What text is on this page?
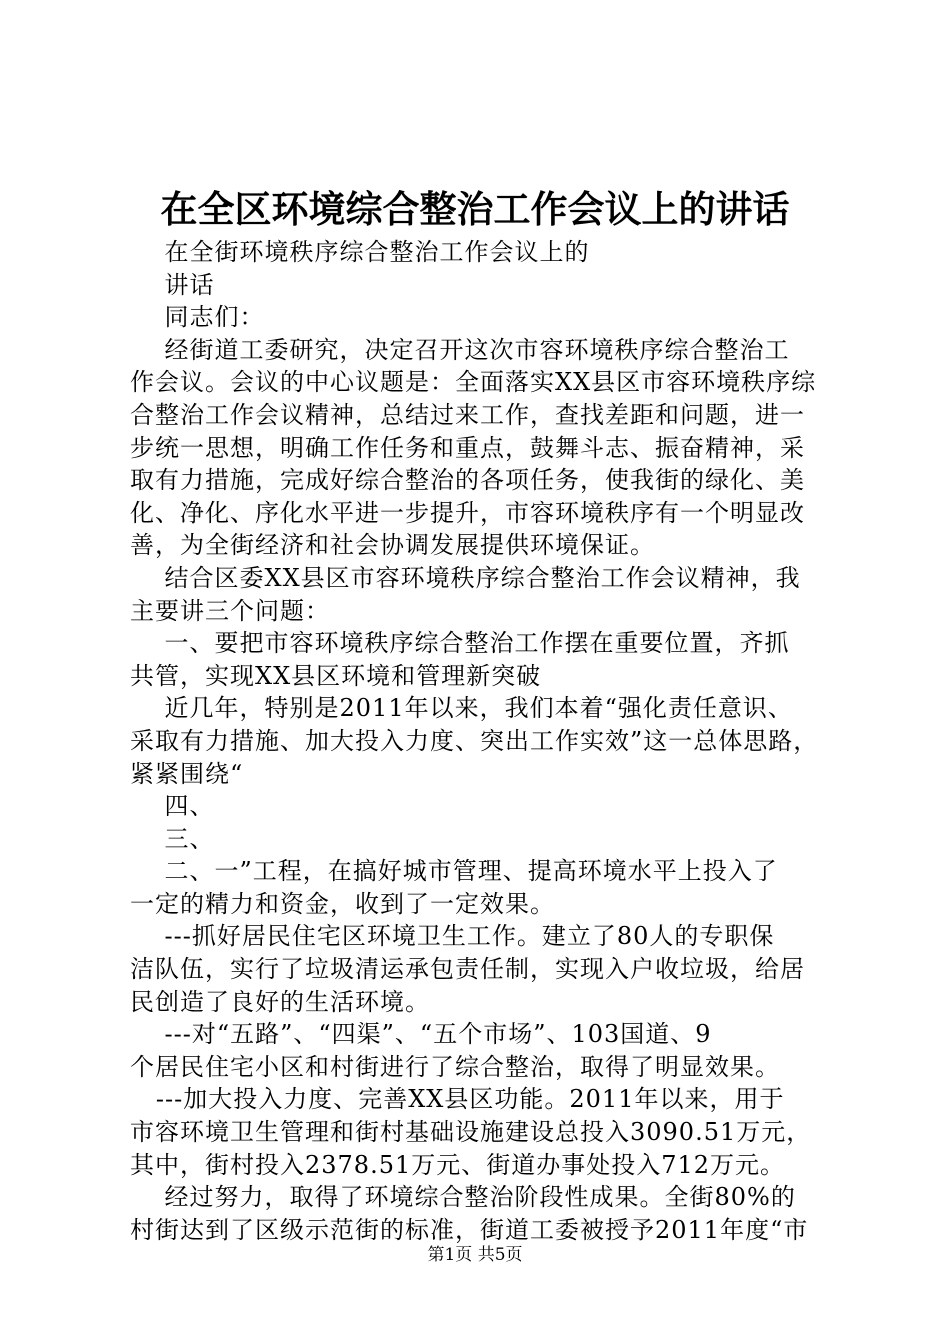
在全区环境综合整治工作会议上的讲话
在全街环境秩序综合整治工作会议上的
讲话
同志们：
经街道工委研究，决定召开这次市容环境秩序综合整治工
作会议。会议的中心议题是：全面落实XX县区市容环境秩序综
合整治工作会议精神，总结过来工作，查找差距和问题，进一
步统一思想，明确工作任务和重点，鼓舞斗志、振奋精神，采
取有力措施，完成好综合整治的各项任务，使我街的绿化、美
化、净化、序化水平进一步提升，市容环境秩序有一个明显改
善，为全街经济和社会协调发展提供环境保证。
结合区委XX县区市容环境秩序综合整治工作会议精神，我
主要讲三个问题：
一、要把市容环境秩序综合整治工作摆在重要位置，齐抓
共管，实现XX县区环境和管理新突破
近几年，特别是2011年以来，我们本着“强化责任意识、
采取有力措施、加大投入力度、突出工作实效”这一总体思路，
紧紧围绕“
四、
三、
二、一”工程，在搞好城市管理、提高环境水平上投入了
一定的精力和资金，收到了一定效果。
---抓好居民住宅区环境卫生工作。建立了80人的专职保
洁队伍，实行了垃圾清运承包责任制，实现入户收垃圾，给居
民创造了良好的生活环境。
---对“五路”、“四渠”、“五个市场”、103国道、9
个居民住宅小区和村街进行了综合整治，取得了明显效果。
---加大投入力度、完善XX县区功能。2011年以来，用于
市容环境卫生管理和街村基础设施建设总投入3090.51万元，
其中，街村投入2378.51万元、街道办事处投入712万元。
经过努力，取得了环境综合整治阶段性成果。全街80%的
村街达到了区级示范街的标准，街道工委被授予2011年度“市
第1页 共5页
